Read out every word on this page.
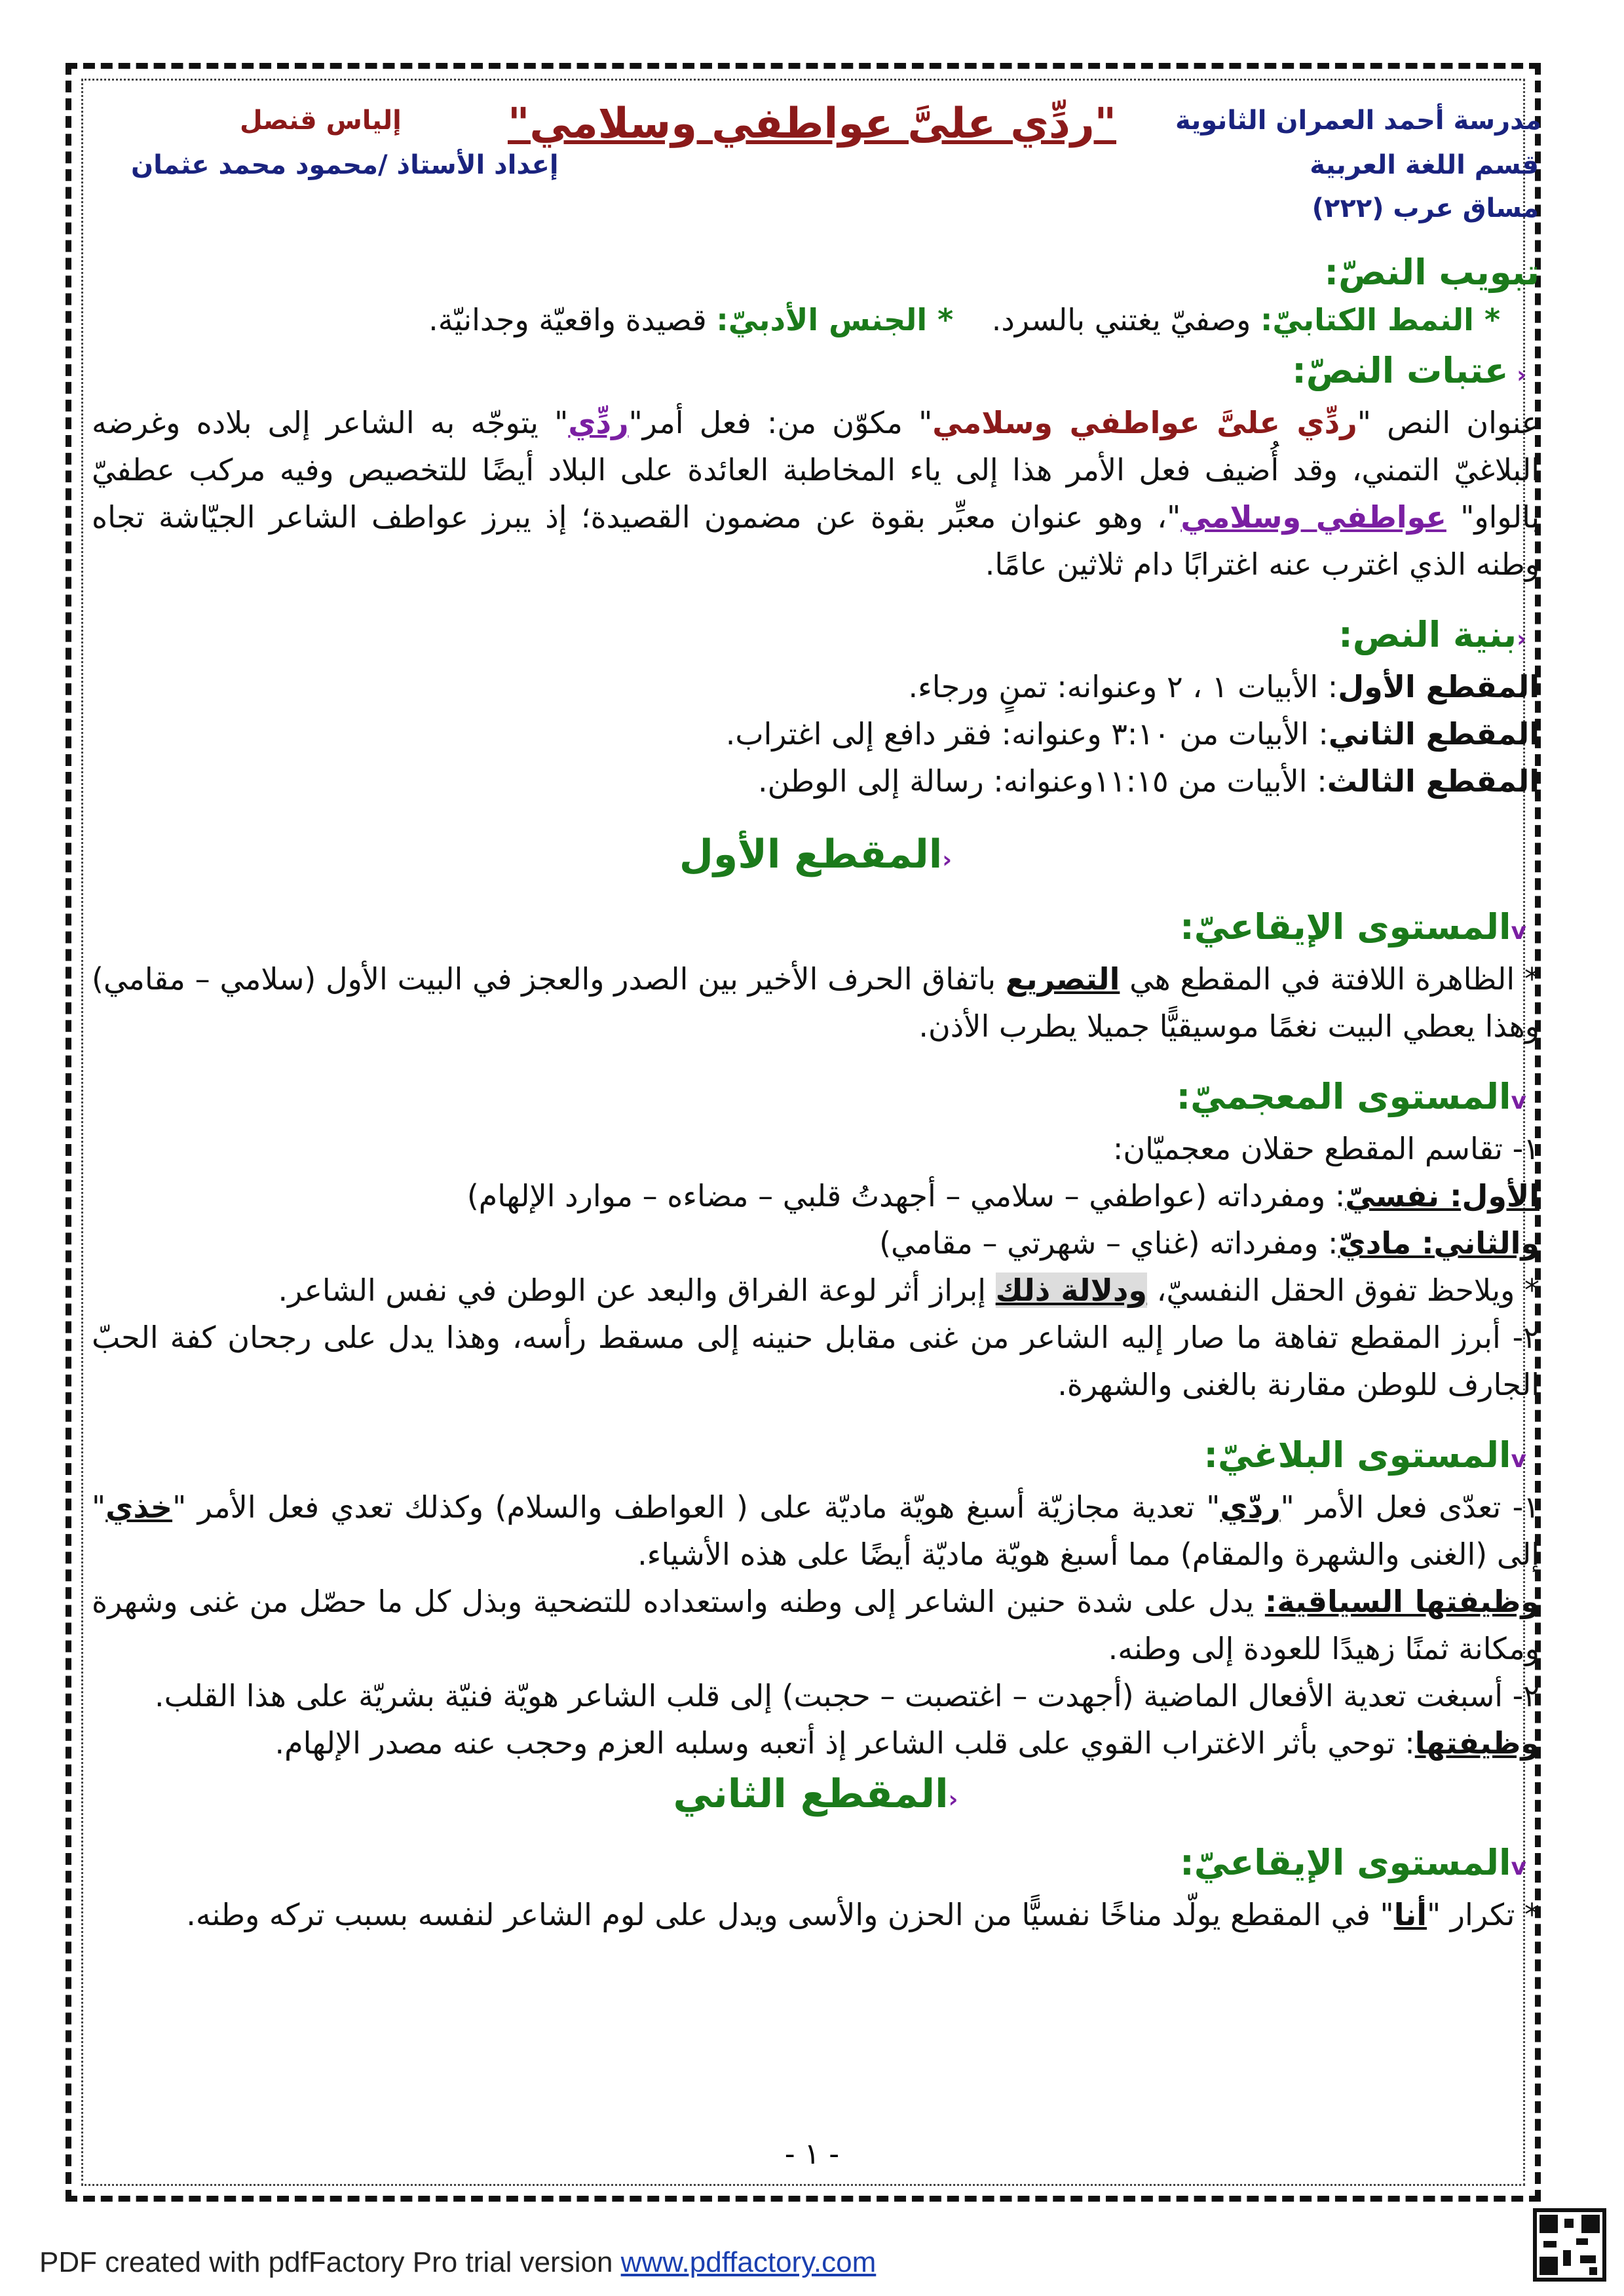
مدرسة أحمد العمران الثانوية
قسم اللغة العربية
مساق عرب (٢٢٢)
"ردِّي علىَّ عواطفي وسلامي"
إلياس قنصل
إعداد الأستاذ /محمود محمد عثمان

تبويب النصّ:

* النمط الكتابيّ: وصفيّ يغتني بالسرد.    * الجنس الأدبيّ: قصيدة واقعيّة وجدانيّة.

‹ عتبات النصّ:

عنوان النص "ردِّي علىَّ عواطفي وسلامي" مكوّن من: فعل أمر"ردِّي" يتوجّه به الشاعر إلى بلاده وغرضه البلاغيّ التمني، وقد أُضيف فعل الأمر هذا إلى ياء المخاطبة العائدة على البلاد أيضًا للتخصيص وفيه مركب عطفيّ بالواو" عواطفي وسلامي"، وهو عنوان معبِّر بقوة عن مضمون القصيدة؛ إذ يبرز عواطف الشاعر الجيّاشة تجاه وطنه الذي اغترب عنه اغترابًا دام ثلاثين عامًا.

‹بنية النص:

المقطع الأول: الأبيات ١ ، ٢ وعنوانه: تمنٍ ورجاء.

المقطع الثاني: الأبيات من ٣:١٠ وعنوانه: فقر دافع إلى اغتراب.

المقطع الثالث: الأبيات من ١١:١٥وعنوانه: رسالة إلى الوطن.

‹المقطع الأول

vالمستوى الإيقاعيّ:

* الظاهرة اللافتة في المقطع هي التصريع باتفاق الحرف الأخير بين الصدر والعجز في البيت الأول (سلامي – مقامي) وهذا يعطي البيت نغمًا موسيقيًّا جميلا يطرب الأذن.

vالمستوى المعجميّ:

١- تقاسم المقطع حقلان معجميّان:

الأول: نفسيّ: ومفرداته (عواطفي – سلامي – أجهدتُ قلبي – مضاءه – موارد الإلهام)

والثاني: ماديّ: ومفرداته (غناي – شهرتي – مقامي)

* ويلاحظ تفوق الحقل النفسيّ، ودلالة ذلك إبراز أثر لوعة الفراق والبعد عن الوطن في نفس الشاعر.

٢- أبرز المقطع تفاهة ما صار إليه الشاعر من غنى مقابل حنينه إلى مسقط رأسه، وهذا يدل على رجحان كفة الحبّ الجارف للوطن مقارنة بالغنى والشهرة.

vالمستوى البلاغيّ:

١- تعدّى فعل الأمر "ردّي" تعدية مجازيّة أسبغ هويّة ماديّة على ( العواطف والسلام) وكذلك تعدي فعل الأمر "خذي" إلى (الغنى والشهرة والمقام) مما أسبغ هويّة ماديّة أيضًا على هذه الأشياء.

وظيفتها السياقية: يدل على شدة حنين الشاعر إلى وطنه واستعداده للتضحية وبذل كل ما حصّل من غنى وشهرة ومكانة ثمنًا زهيدًا للعودة إلى وطنه.

٢- أسبغت تعدية الأفعال الماضية (أجهدت – اغتصبت – حجبت) إلى قلب الشاعر هويّة فنيّة بشريّة على هذا القلب.

وظيفتها: توحي بأثر الاغتراب القوي على قلب الشاعر إذ أتعبه وسلبه العزم وحجب عنه مصدر الإلهام.

‹المقطع الثاني

vالمستوى الإيقاعيّ:

* تكرار "أنا" في المقطع يولّد مناخًا نفسيًّا من الحزن والأسى ويدل على لوم الشاعر لنفسه بسبب تركه وطنه.

- ١ -
PDF created with pdfFactory Pro trial version www.pdffactory.com
